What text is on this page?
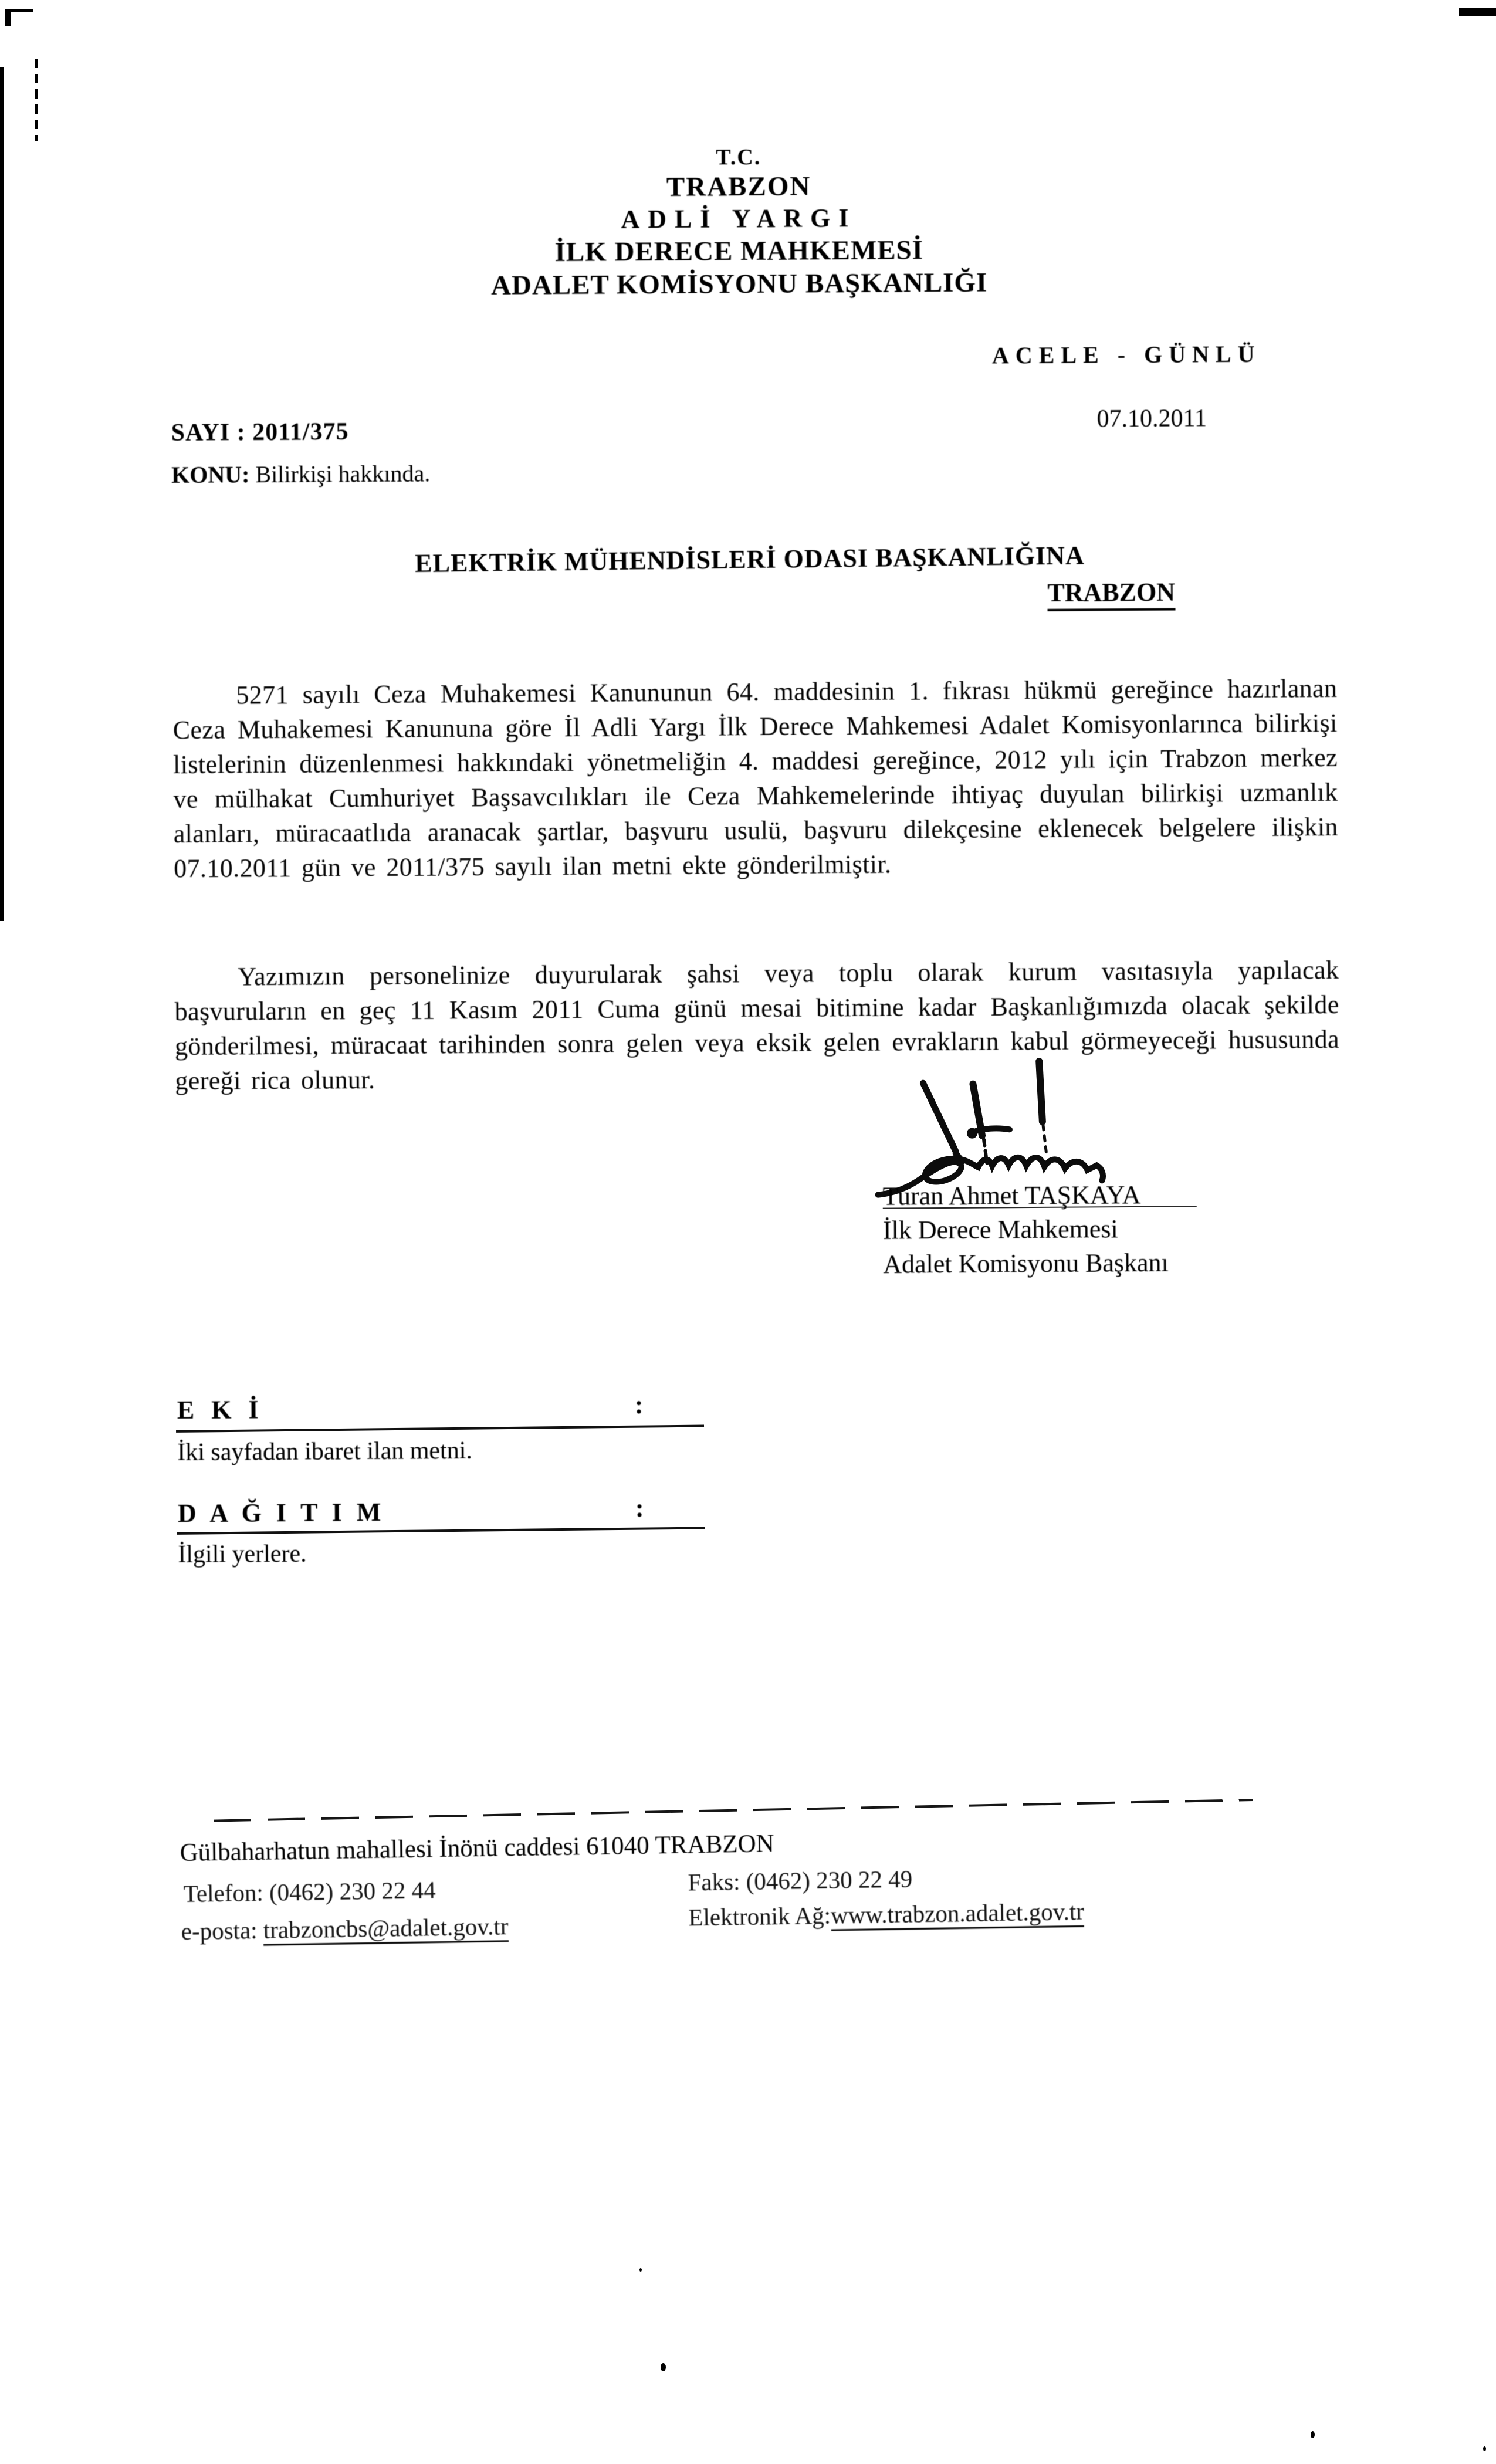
T.C.
TRABZON
ADLİ YARGI
İLK DERECE MAHKEMESİ
ADALET KOMİSYONU BAŞKANLIĞI
ACELE - GÜNLÜ
SAYI : 2011/375	07.10.2011
KONU: Bilirkişi hakkında.
ELEKTRİK MÜHENDİSLERİ ODASI BAŞKANLIĞINA
TRABZON
5271 sayılı Ceza Muhakemesi Kanununun 64. maddesinin 1. fıkrası hükmü gereğince hazırlanan Ceza Muhakemesi Kanununa göre İl Adli Yargı İlk Derece Mahkemesi Adalet Komisyonlarınca bilirkişi listelerinin düzenlenmesi hakkındaki yönetmeliğin 4. maddesi gereğince, 2012 yılı için Trabzon merkez ve mülhakat Cumhuriyet Başsavcılıkları ile Ceza Mahkemelerinde ihtiyaç duyulan bilirkişi uzmanlık alanları, müracaatlıda aranacak şartlar, başvuru usulü, başvuru dilekçesine eklenecek belgelere ilişkin 07.10.2011 gün ve 2011/375 sayılı ilan metni ekte gönderilmiştir.
Yazımızın personelinize duyurularak şahsi veya toplu olarak kurum vasıtasıyla yapılacak başvuruların en geç 11 Kasım 2011 Cuma günü mesai bitimine kadar Başkanlığımızda olacak şekilde gönderilmesi, müracaat tarihinden sonra gelen veya eksik gelen evrakların kabul görmeyeceği hususunda gereği rica olunur.
Turan Ahmet TAŞKAYA
İlk Derece Mahkemesi
Adalet Komisyonu Başkanı
E K İ	:
İki sayfadan ibaret ilan metni.
D A Ğ I T I M	:
İlgili yerlere.
Gülbaharhatun mahallesi İnönü caddesi 61040 TRABZON
Telefon: (0462) 230 22 44	Faks: (0462) 230 22 49
e-posta: trabzoncbs@adalet.gov.tr	Elektronik Ağ:www.trabzon.adalet.gov.tr
